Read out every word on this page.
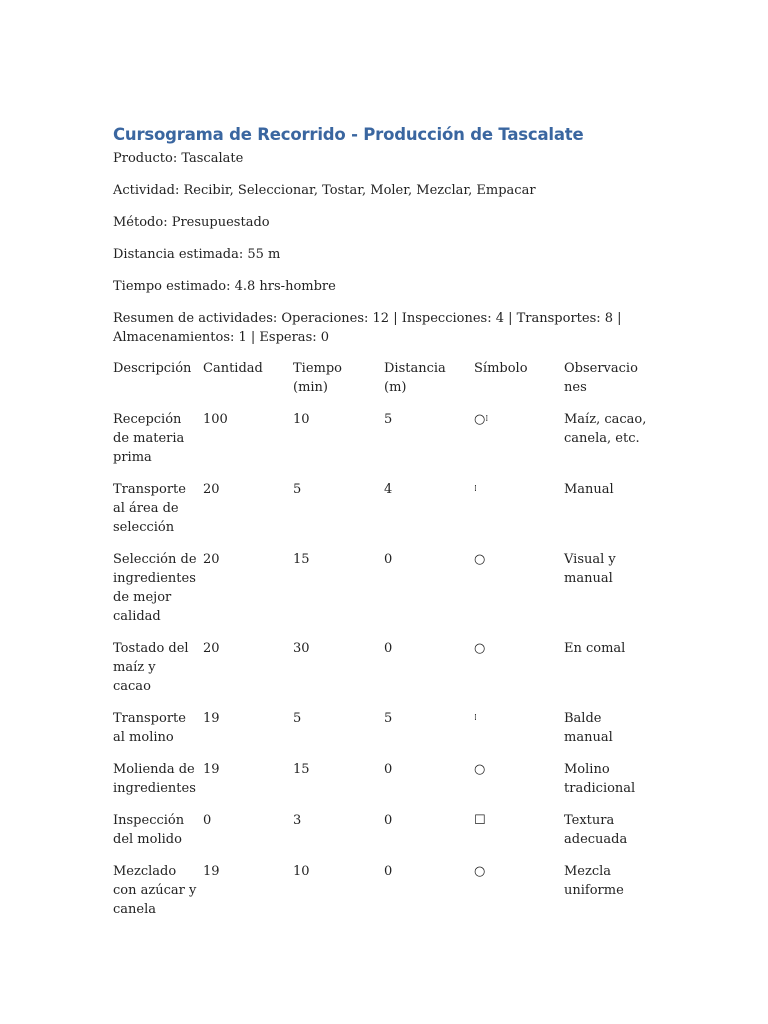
Cursograma de Recorrido - Producción de Tascalate

Producto: Tascalate

Actividad: Recibir, Seleccionar, Tostar, Moler, Mezclar, Empacar

Método: Presupuestado

Distancia estimada: 55 m

Tiempo estimado: 4.8 hrs-hombre

Resumen de actividades: Operaciones: 12 | Inspecciones: 4 | Transportes: 8 | Almacenamientos: 1 | Esperas: 0

Descripción	Cantidad	Tiempo (min)	Distancia (m)	Símbolo	Observaciones
Recepción de materia prima	100	10	5	○⁞	Maíz, cacao, canela, etc.
Transporte al área de selección	20	5	4	⁞	Manual
Selección de ingredientes de mejor calidad	20	15	0	○	Visual y manual
Tostado del maíz y cacao	20	30	0	○	En comal
Transporte al molino	19	5	5	⁞	Balde manual
Molienda de ingredientes	19	15	0	○	Molino tradicional
Inspección del molido	0	3	0	☐	Textura adecuada
Mezclado con azúcar y canela	19	10	0	○	Mezcla uniforme
